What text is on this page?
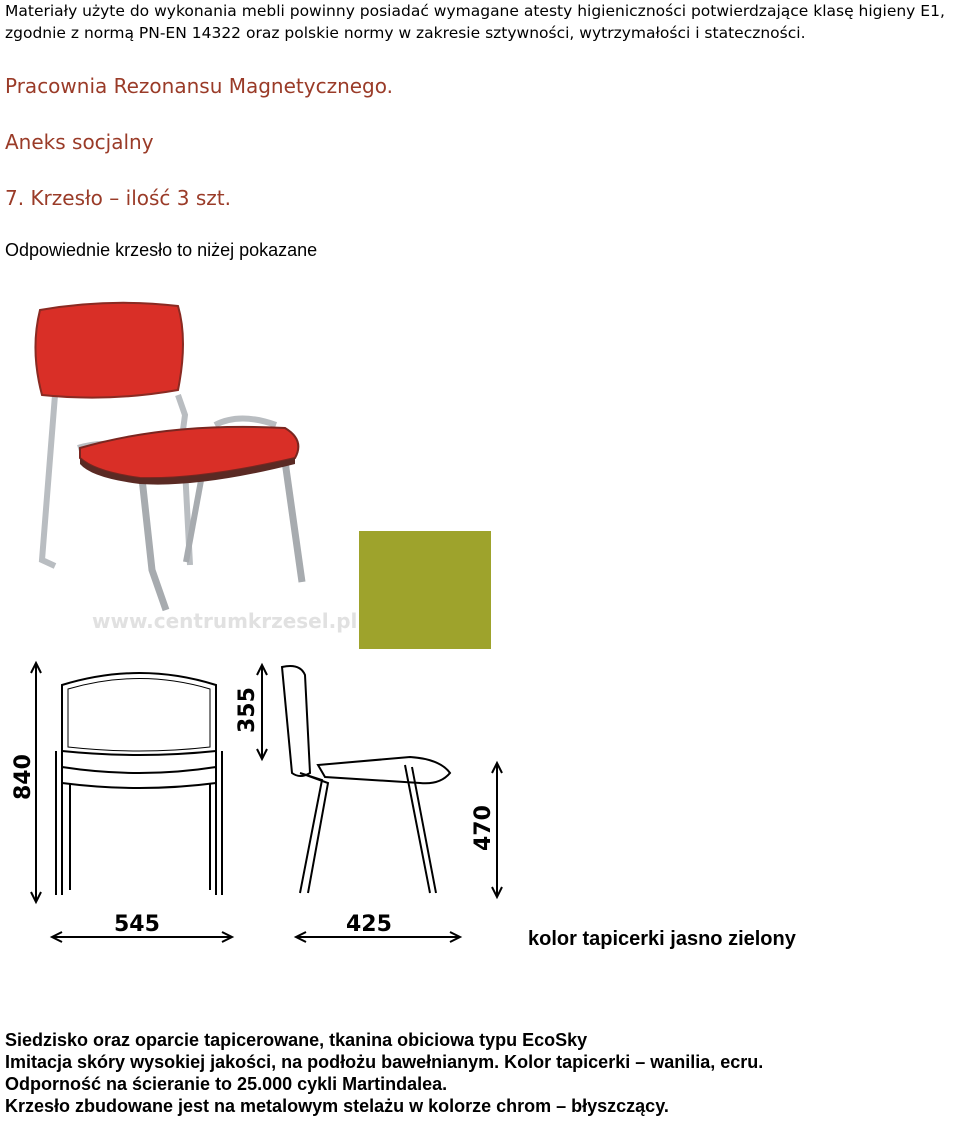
Materiały użyte do wykonania mebli powinny posiadać wymagane atesty higieniczności potwierdzające klasę higieny E1,
zgodnie z normą PN-EN 14322 oraz polskie normy w zakresie sztywności, wytrzymałości i stateczności.
Pracownia Rezonansu Magnetycznego.
Aneks socjalny
7. Krzesło – ilość 3 szt.
Odpowiednie krzesło to niżej pokazane
www.centrumkrzesel.pl
840
355
470
545	425
kolor tapicerki jasno zielony
Siedzisko oraz oparcie tapicerowane, tkanina obiciowa typu EcoSky
Imitacja skóry wysokiej jakości, na podłożu bawełnianym. Kolor tapicerki – wanilia, ecru.
Odporność na ścieranie to 25.000 cykli Martindalea.
Krzesło zbudowane jest na metalowym stelażu w kolorze chrom – błyszczący.
